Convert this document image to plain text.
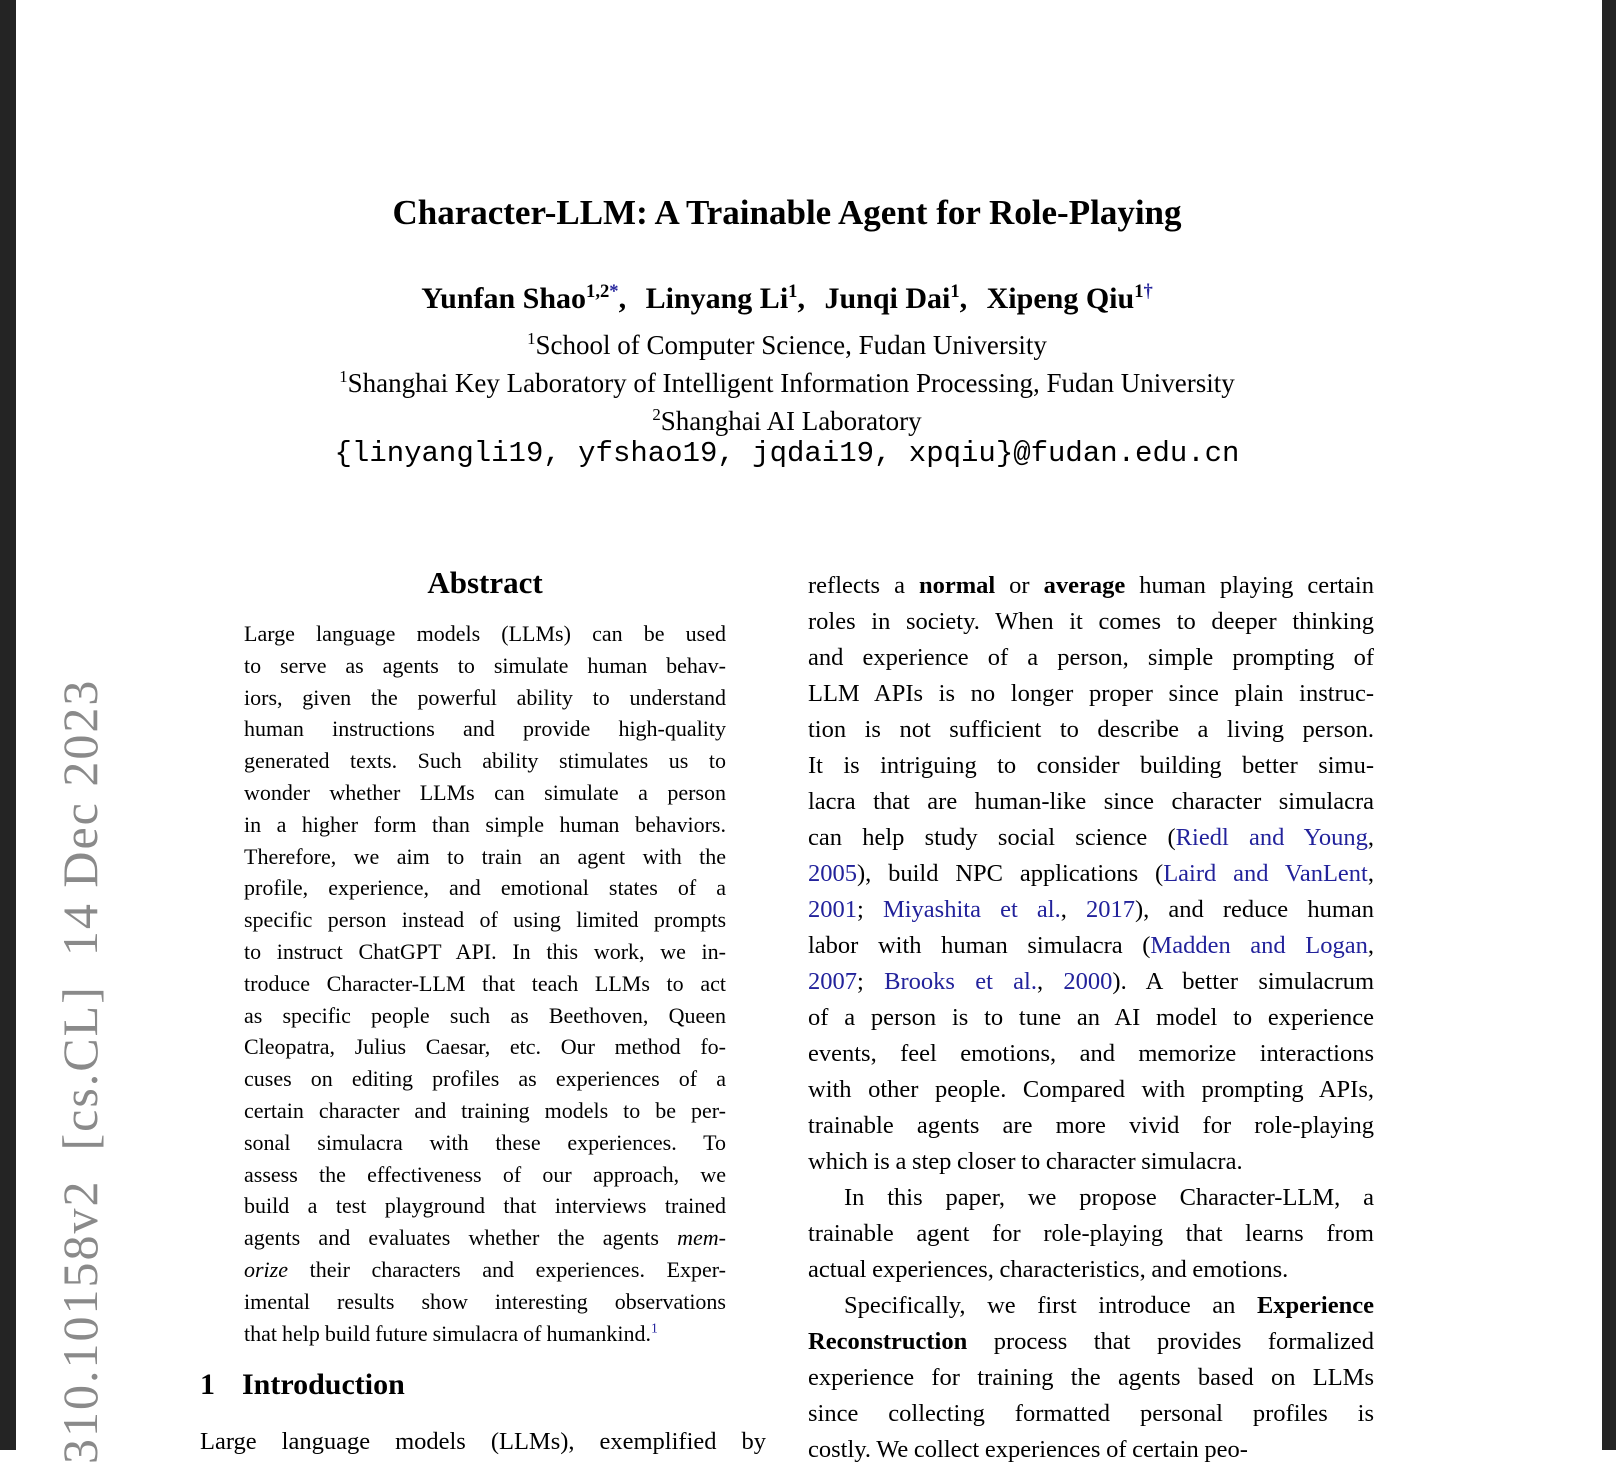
310.10158v2  [cs.CL]  14 Dec 2023
Character-LLM: A Trainable Agent for Role-Playing
Yunfan Shao$^{1,2*}$, Linyang Li$^1$, Junqi Dai$^1$, Xipeng Qiu$^{1\dagger}$
$^1$School of Computer Science, Fudan University
$^1$Shanghai Key Laboratory of Intelligent Information Processing, Fudan University
$^2$Shanghai AI Laboratory
{linyangli19, yfshao19, jqdai19, xpqiu}@fudan.edu.cn
Abstract
Large language models (LLMs) can be used
to serve as agents to simulate human behav-
iors, given the powerful ability to understand
human instructions and provide high-quality
generated texts. Such ability stimulates us to
wonder whether LLMs can simulate a person
in a higher form than simple human behaviors.
Therefore, we aim to train an agent with the
profile, experience, and emotional states of a
specific person instead of using limited prompts
to instruct ChatGPT API. In this work, we in-
troduce Character-LLM that teach LLMs to act
as specific people such as Beethoven, Queen
Cleopatra, Julius Caesar, etc. Our method fo-
cuses on editing profiles as experiences of a
certain character and training models to be per-
sonal simulacra with these experiences. To
assess the effectiveness of our approach, we
build a test playground that interviews trained
agents and evaluates whether the agents mem-
orize their characters and experiences. Exper-
imental results show interesting observations
that help build future simulacra of humankind.$^1$
reflects a normal or average human playing certain
roles in society. When it comes to deeper thinking
and experience of a person, simple prompting of
LLM APIs is no longer proper since plain instruc-
tion is not sufficient to describe a living person.
It is intriguing to consider building better simu-
lacra that are human-like since character simulacra
can help study social science (Riedl and Young,
2005), build NPC applications (Laird and VanLent,
2001; Miyashita et al., 2017), and reduce human
labor with human simulacra (Madden and Logan,
2007; Brooks et al., 2000). A better simulacrum
of a person is to tune an AI model to experience
events, feel emotions, and memorize interactions
with other people. Compared with prompting APIs,
trainable agents are more vivid for role-playing
which is a step closer to character simulacra.
In this paper, we propose Character-LLM, a
trainable agent for role-playing that learns from
actual experiences, characteristics, and emotions.
Specifically, we first introduce an Experience
Reconstruction process that provides formalized
experience for training the agents based on LLMs
since collecting formatted personal profiles is
costly. We collect experiences of certain peo-
1 Introduction
Large language models (LLMs), exemplified by
